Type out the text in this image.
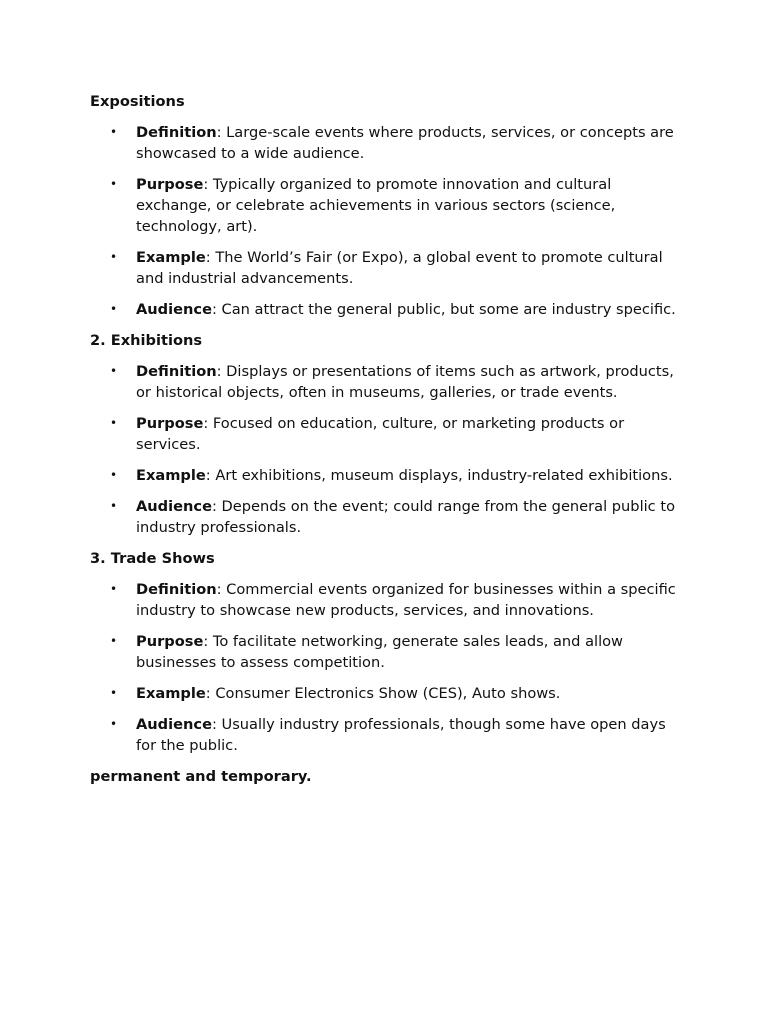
Expositions
• Definition: Large-scale events where products, services, or concepts are showcased to a wide audience.
• Purpose: Typically organized to promote innovation and cultural exchange, or celebrate achievements in various sectors (science, technology, art).
• Example: The World’s Fair (or Expo), a global event to promote cultural and industrial advancements.
• Audience: Can attract the general public, but some are industry specific.
2. Exhibitions
• Definition: Displays or presentations of items such as artwork, products, or historical objects, often in museums, galleries, or trade events.
• Purpose: Focused on education, culture, or marketing products or services.
• Example: Art exhibitions, museum displays, industry-related exhibitions.
• Audience: Depends on the event; could range from the general public to industry professionals.
3. Trade Shows
• Definition: Commercial events organized for businesses within a specific industry to showcase new products, services, and innovations.
• Purpose: To facilitate networking, generate sales leads, and allow businesses to assess competition.
• Example: Consumer Electronics Show (CES), Auto shows.
• Audience: Usually industry professionals, though some have open days for the public.
permanent and temporary.
